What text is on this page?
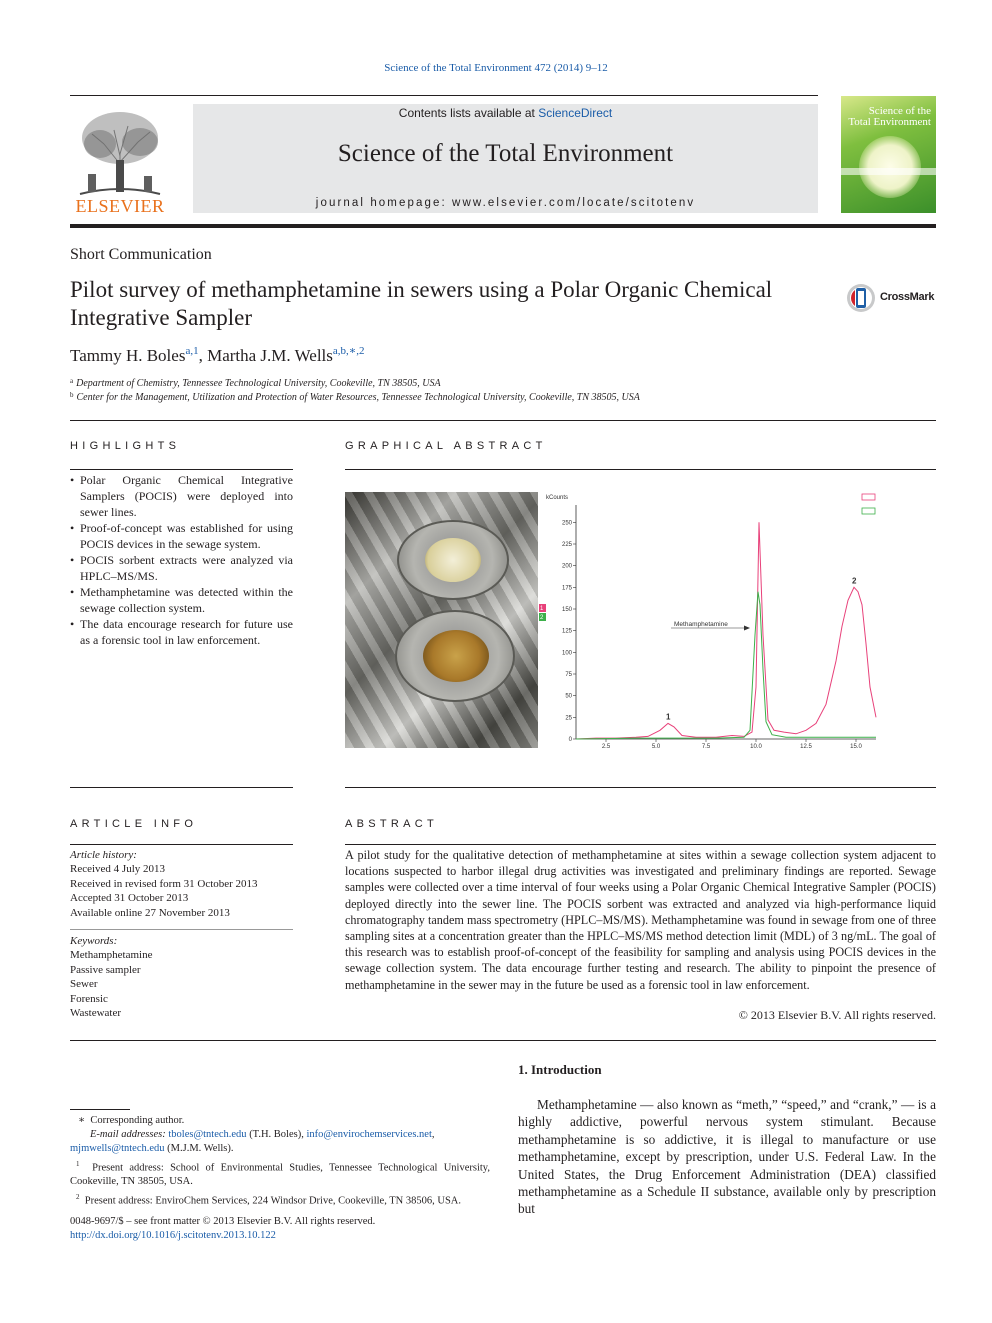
Science of the Total Environment 472 (2014) 9–12
ELSEVIER
Contents lists available at ScienceDirect
Science of the Total Environment
journal homepage: www.elsevier.com/locate/scitotenv
Science of the Total Environment
Short Communication
Pilot survey of methamphetamine in sewers using a Polar Organic Chemical Integrative Sampler
CrossMark
Tammy H. Boles$^{a,1}$, Martha J.M. Wells$^{a,b,∗,2}$
$^a$ Department of Chemistry, Tennessee Technological University, Cookeville, TN 38505, USA
$^b$ Center for the Management, Utilization and Protection of Water Resources, Tennessee Technological University, Cookeville, TN 38505, USA
HIGHLIGHTS
• Polar Organic Chemical Integrative Samplers (POCIS) were deployed into sewer lines.
• Proof-of-concept was established for using POCIS devices in the sewage system.
• POCIS sorbent extracts were analyzed via HPLC–MS/MS.
• Methamphetamine was detected within the sewage collection system.
• The data encourage research for future use as a forensic tool in law enforcement.
GRAPHICAL ABSTRACT
kCounts
250
225
200
175
150
125
100
75
50
25
0
2.5	5.0	7.5	10.0	12.5	15.0
1
2
Methamphetamine
1
2
ARTICLE INFO
Article history:
Received 4 July 2013
Received in revised form 31 October 2013
Accepted 31 October 2013
Available online 27 November 2013
Keywords:
Methamphetamine
Passive sampler
Sewer
Forensic
Wastewater
ABSTRACT
A pilot study for the qualitative detection of methamphetamine at sites within a sewage collection system adjacent to locations suspected to harbor illegal drug activities was investigated and preliminary findings are reported. Sewage samples were collected over a time interval of four weeks using a Polar Organic Chemical Integrative Sampler (POCIS) deployed directly into the sewer line. The POCIS sorbent was extracted and analyzed via high-performance liquid chromatography tandem mass spectrometry (HPLC–MS/MS). Methamphetamine was found in sewage from one of three sampling sites at a concentration greater than the HPLC–MS/MS method detection limit (MDL) of 3 ng/mL. The goal of this research was to establish proof-of-concept of the feasibility for sampling and analysis using POCIS devices in the sewage collection system. The data encourage further testing and research. The ability to pinpoint the presence of methamphetamine in the sewer may in the future be used as a forensic tool in law enforcement.
© 2013 Elsevier B.V. All rights reserved.
1. Introduction
Methamphetamine — also known as “meth,” “speed,” and “crank,” — is a highly addictive, powerful nervous system stimulant. Because methamphetamine is so addictive, it is illegal to manufacture or use methamphetamine, except by prescription, under U.S. Federal Law. In the United States, the Drug Enforcement Administration (DEA) classified methamphetamine as a Schedule II substance, available only by prescription but
∗  Corresponding author.
E-mail addresses: tboles@tntech.edu (T.H. Boles), info@envirochemservices.net,
mjmwells@tntech.edu (M.J.M. Wells).
$^1$ Present address: School of Environmental Studies, Tennessee Technological University, Cookeville, TN 38505, USA.
$^2$ Present address: EnviroChem Services, 224 Windsor Drive, Cookeville, TN 38506, USA.
0048-9697/$ – see front matter © 2013 Elsevier B.V. All rights reserved.
http://dx.doi.org/10.1016/j.scitotenv.2013.10.122
